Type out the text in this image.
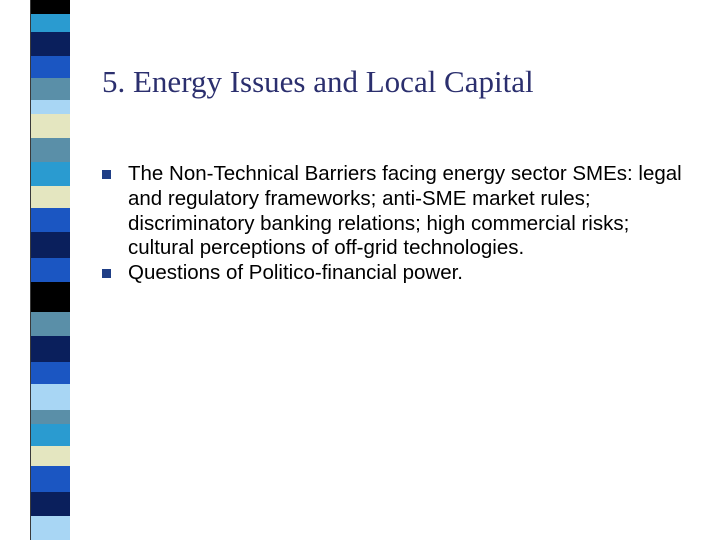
5. Energy Issues and Local Capital
The Non-Technical Barriers facing energy sector SMEs: legal and regulatory frameworks; anti-SME market rules; discriminatory banking relations; high commercial risks; cultural perceptions of off-grid technologies.
Questions of Politico-financial power.
